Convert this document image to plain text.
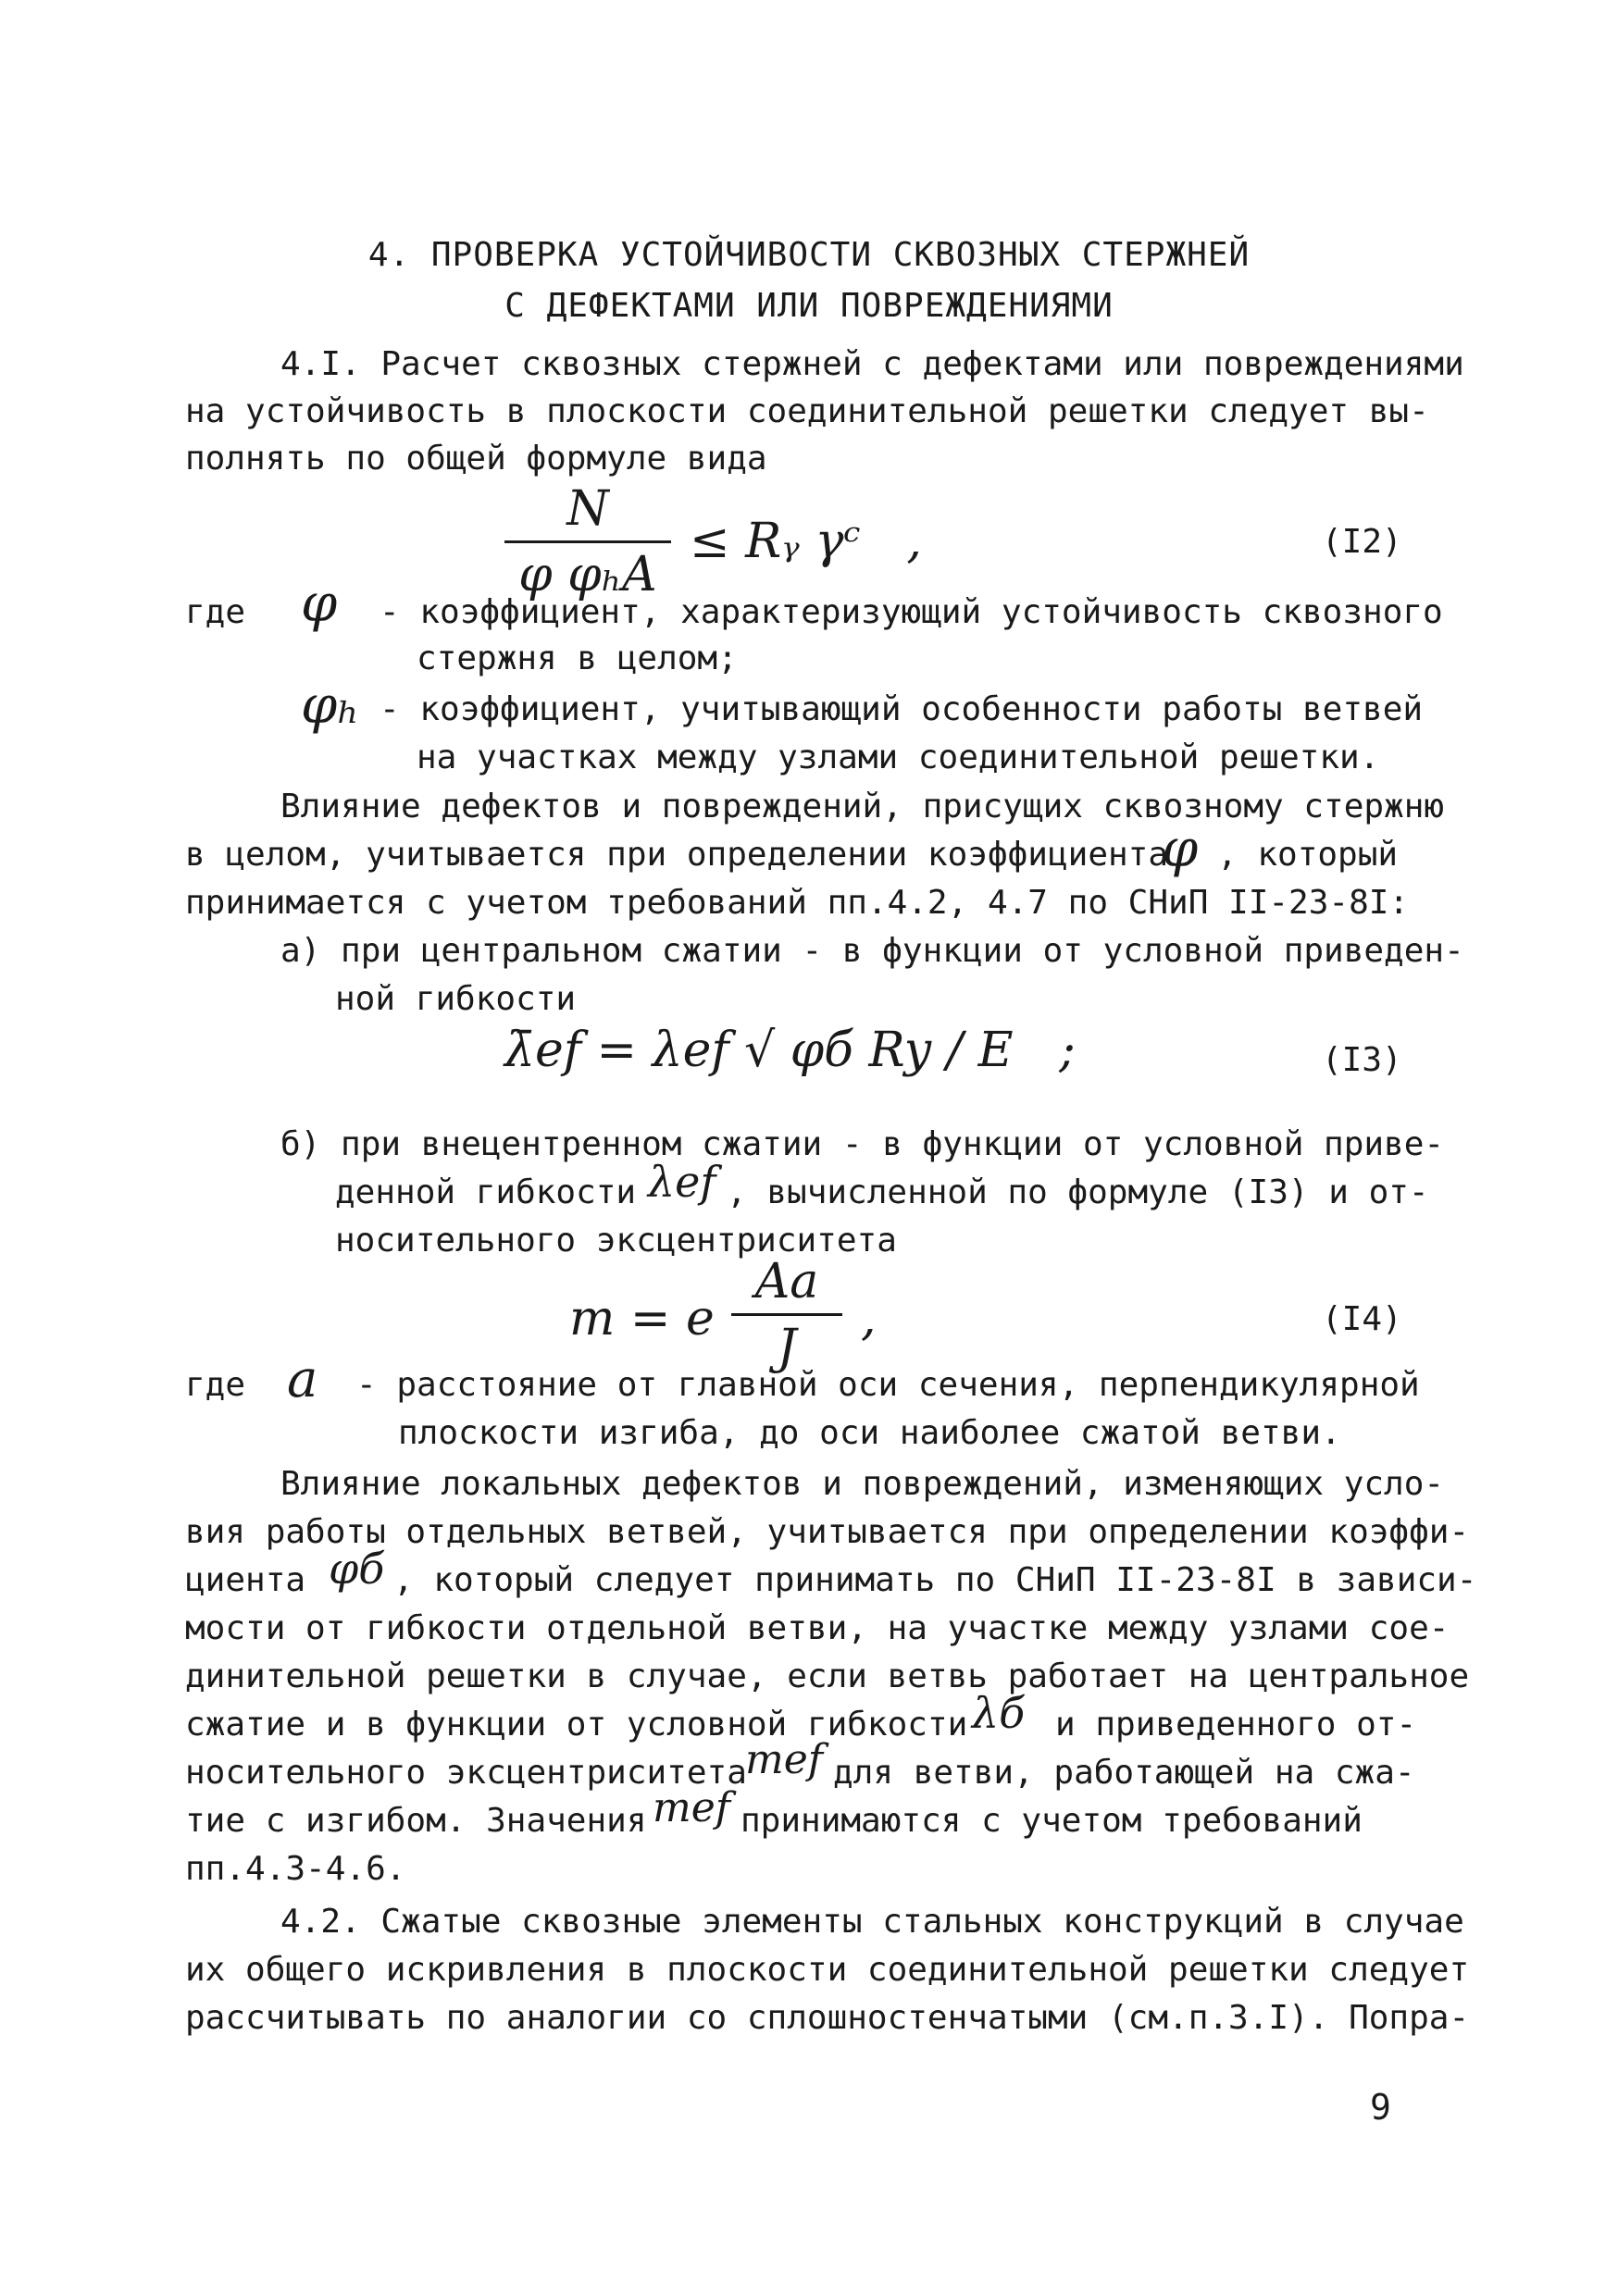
4. ПРОВЕРКА УСТОЙЧИВОСТИ СКВОЗНЫХ СТЕРЖНЕЙ
С ДЕФЕКТАМИ ИЛИ ПОВРЕЖДЕНИЯМИ
4.I. Расчет сквозных стержней с дефектами или повреждениями
на устойчивость в плоскости соединительной решетки следует вы-
полнять по общей формуле вида
N
φ φₕA
≤ Rᵧ γᶜ   ,	(I2)
где φ - коэффициент, характеризующий устойчивость сквозного
стержня в целом;
φₕ - коэффициент, учитывающий особенности работы ветвей
на участках между узлами соединительной решетки.
Влияние дефектов и повреждений, присущих сквозному стержню
в целом, учитывается при определении коэффициента
φ , который
принимается с учетом требований пп.4.2, 4.7 по СНиП II-23-8I:
а) при центральном сжатии - в функции от условной приведен-
ной гибкости
λ̄ef = λef √ φб Ry / E   ;	(I3)
б) при внецентренном сжатии - в функции от условной приве-
денной гибкости λef , вычисленной по формуле (I3) и от-
носительного эксцентриситета
m = e
Aa
J
,	(I4)
где a - расстояние от главной оси сечения, перпендикулярной
плоскости изгиба, до оси наиболее сжатой ветви.
Влияние локальных дефектов и повреждений, изменяющих усло-
вия работы отдельных ветвей, учитывается при определении коэффи-
циента φб , который следует принимать по СНиП II-23-8I в зависи-
мости от гибкости отдельной ветви, на участке между узлами сое-
динительной решетки в случае, если ветвь работает на центральное
сжатие и в функции от условной гибкости λб и приведенного от-
носительного эксцентриситета
mef для ветви, работающей на сжа-
тие с изгибом. Значения mef принимаются с учетом требований
пп.4.3-4.6.
4.2. Сжатые сквозные элементы стальных конструкций в случае
их общего искривления в плоскости соединительной решетки следует
рассчитывать по аналогии со сплошностенчатыми (см.п.3.I). Попра-
9
